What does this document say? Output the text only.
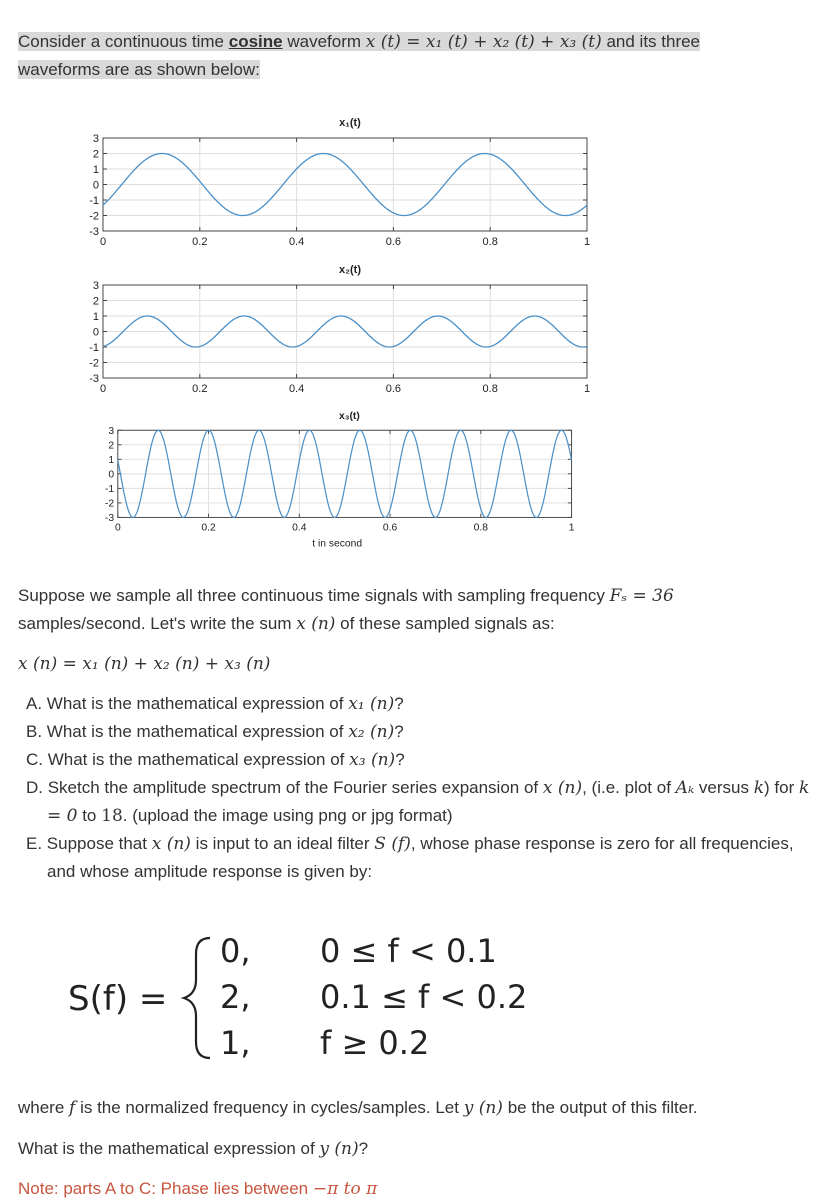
Consider a continuous time cosine waveform x (t) = x₁ (t) + x₂ (t) + x₃ (t) and its three
waveforms are as shown below:
x₁(t)
3
2
1
0
-1
-2
-3
0	0.2	0.4	0.6	0.8	1
x₂(t)
3
2
1
0
-1
-2
-3
0	0.2	0.4	0.6	0.8	1
x₃(t)
3
2
1
0
-1
-2
-3
0	0.2	0.4	0.6	0.8	1
t in second
Suppose we sample all three continuous time signals with sampling frequency Fₛ = 36
samples/second. Let's write the sum x (n) of these sampled signals as:
x (n) = x₁ (n) + x₂ (n) + x₃ (n)
A. What is the mathematical expression of x₁ (n)?
B. What is the mathematical expression of x₂ (n)?
C. What is the mathematical expression of x₃ (n)?
D. Sketch the amplitude spectrum of the Fourier series expansion of x (n), (i.e. plot of Aₖ versus k) for k = 0 to 18. (upload the image using png or jpg format)
E. Suppose that x (n) is input to an ideal filter S (f), whose phase response is zero for all frequencies, and whose amplitude response is given by:
S(f) =
0,
2,
1,
0 ≤ f < 0.1
0.1 ≤ f < 0.2
f ≥ 0.2
where f is the normalized frequency in cycles/samples. Let y (n) be the output of this filter.
What is the mathematical expression of y (n)?
Note: parts A to C: Phase lies between −π to π
